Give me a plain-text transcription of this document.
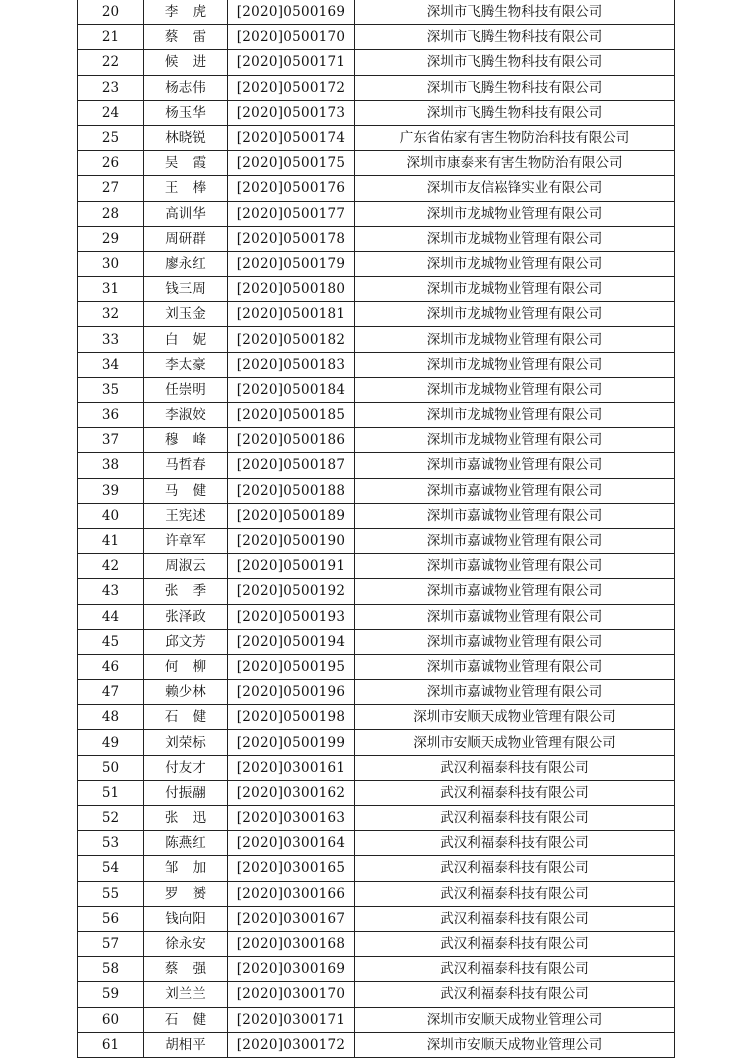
20	李虎	[2020]0500169	深圳市飞腾生物科技有限公司
21	蔡雷	[2020]0500170	深圳市飞腾生物科技有限公司
22	候进	[2020]0500171	深圳市飞腾生物科技有限公司
23	杨志伟	[2020]0500172	深圳市飞腾生物科技有限公司
24	杨玉华	[2020]0500173	深圳市飞腾生物科技有限公司
25	林晓锐	[2020]0500174	广东省佑家有害生物防治科技有限公司
26	吴霞	[2020]0500175	深圳市康泰来有害生物防治有限公司
27	王棒	[2020]0500176	深圳市友信崧锋实业有限公司
28	高训华	[2020]0500177	深圳市龙城物业管理有限公司
29	周研群	[2020]0500178	深圳市龙城物业管理有限公司
30	廖永红	[2020]0500179	深圳市龙城物业管理有限公司
31	钱三周	[2020]0500180	深圳市龙城物业管理有限公司
32	刘玉金	[2020]0500181	深圳市龙城物业管理有限公司
33	白妮	[2020]0500182	深圳市龙城物业管理有限公司
34	李太豪	[2020]0500183	深圳市龙城物业管理有限公司
35	任崇明	[2020]0500184	深圳市龙城物业管理有限公司
36	李淑姣	[2020]0500185	深圳市龙城物业管理有限公司
37	穆峰	[2020]0500186	深圳市龙城物业管理有限公司
38	马哲春	[2020]0500187	深圳市嘉诚物业管理有限公司
39	马健	[2020]0500188	深圳市嘉诚物业管理有限公司
40	王宪述	[2020]0500189	深圳市嘉诚物业管理有限公司
41	许章军	[2020]0500190	深圳市嘉诚物业管理有限公司
42	周淑云	[2020]0500191	深圳市嘉诚物业管理有限公司
43	张季	[2020]0500192	深圳市嘉诚物业管理有限公司
44	张泽政	[2020]0500193	深圳市嘉诚物业管理有限公司
45	邱文芳	[2020]0500194	深圳市嘉诚物业管理有限公司
46	何柳	[2020]0500195	深圳市嘉诚物业管理有限公司
47	赖少林	[2020]0500196	深圳市嘉诚物业管理有限公司
48	石健	[2020]0500198	深圳市安顺天成物业管理有限公司
49	刘荣标	[2020]0500199	深圳市安顺天成物业管理有限公司
50	付友才	[2020]0300161	武汉利福泰科技有限公司
51	付振翮	[2020]0300162	武汉利福泰科技有限公司
52	张迅	[2020]0300163	武汉利福泰科技有限公司
53	陈燕红	[2020]0300164	武汉利福泰科技有限公司
54	邹加	[2020]0300165	武汉利福泰科技有限公司
55	罗赟	[2020]0300166	武汉利福泰科技有限公司
56	钱向阳	[2020]0300167	武汉利福泰科技有限公司
57	徐永安	[2020]0300168	武汉利福泰科技有限公司
58	蔡强	[2020]0300169	武汉利福泰科技有限公司
59	刘兰兰	[2020]0300170	武汉利福泰科技有限公司
60	石健	[2020]0300171	深圳市安顺天成物业管理公司
61	胡相平	[2020]0300172	深圳市安顺天成物业管理公司
